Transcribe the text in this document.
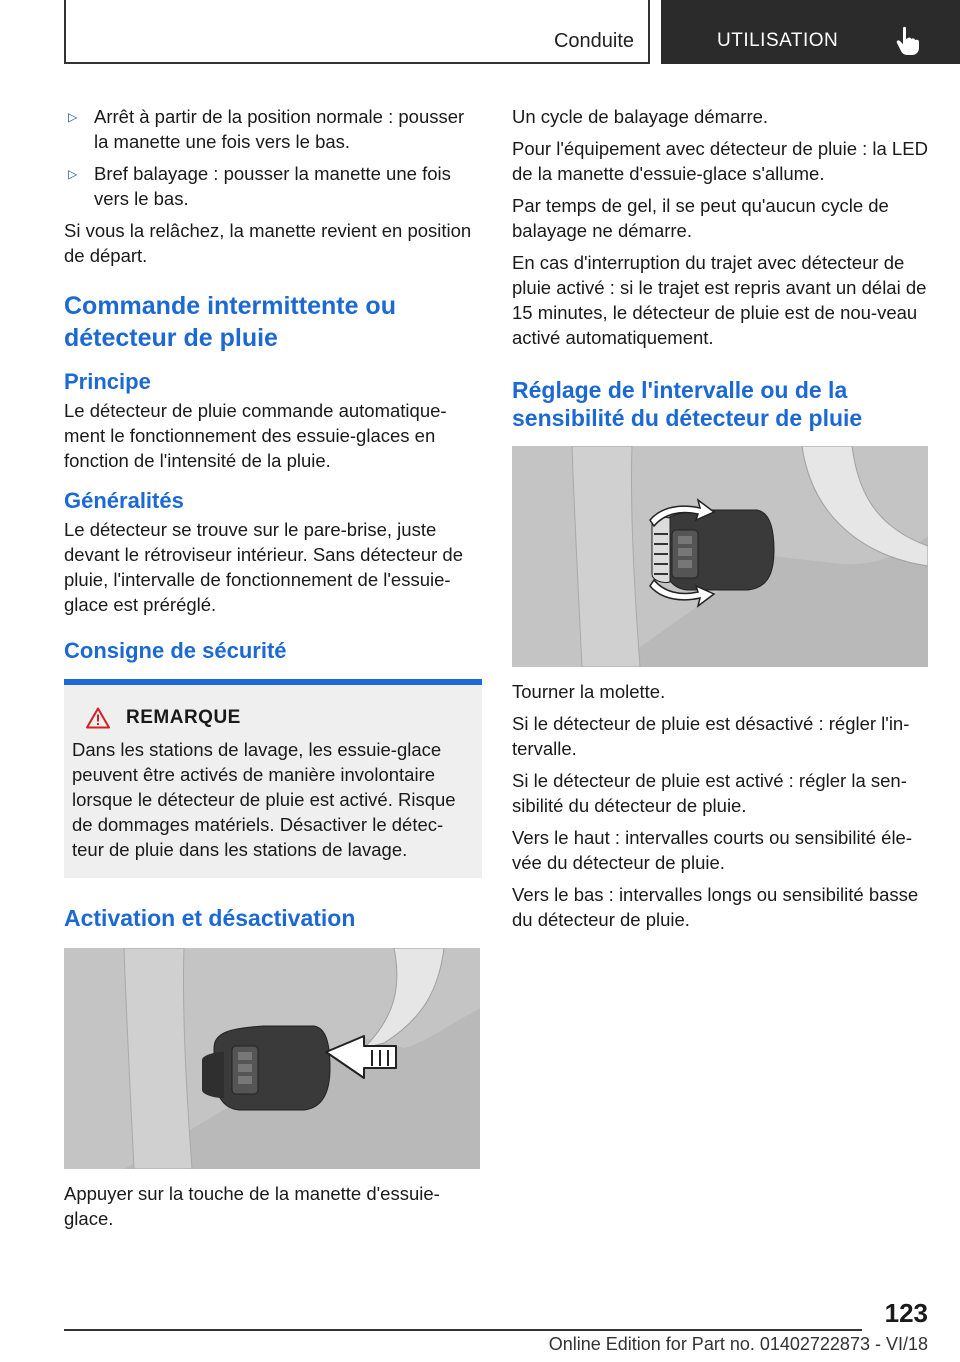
Conduite	UTILISATION
▷ Arrêt à partir de la position normale : pousser la manette une fois vers le bas.
▷ Bref balayage : pousser la manette une fois vers le bas.

Si vous la relâchez, la manette revient en position de départ.

Commande intermittente ou détecteur de pluie
Principe

Le détecteur de pluie commande automatique-ment le fonctionnement des essuie-glaces en fonction de l'intensité de la pluie.

Généralités

Le détecteur se trouve sur le pare-brise, juste devant le rétroviseur intérieur. Sans détecteur de pluie, l'intervalle de fonctionnement de l'essuie-glace est préréglé.

Consigne de sécurité
REMARQUE

Dans les stations de lavage, les essuie-glace peuvent être activés de manière involontaire lorsque le détecteur de pluie est activé. Risque de dommages matériels. Désactiver le détec-teur de pluie dans les stations de lavage.

Activation et désactivation

Appuyer sur la touche de la manette d'essuie-glace.

Un cycle de balayage démarre.

Pour l'équipement avec détecteur de pluie : la LED de la manette d'essuie-glace s'allume.

Par temps de gel, il se peut qu'aucun cycle de balayage ne démarre.

En cas d'interruption du trajet avec détecteur de pluie activé : si le trajet est repris avant un délai de 15 minutes, le détecteur de pluie est de nou-veau activé automatiquement.

Réglage de l'intervalle ou de la sensibilité du détecteur de pluie

Tourner la molette.

Si le détecteur de pluie est désactivé : régler l'in-tervalle.

Si le détecteur de pluie est activé : régler la sen-sibilité du détecteur de pluie.

Vers le haut : intervalles courts ou sensibilité éle-vée du détecteur de pluie.

Vers le bas : intervalles longs ou sensibilité basse du détecteur de pluie.

123
Online Edition for Part no. 01402722873 - VI/18
